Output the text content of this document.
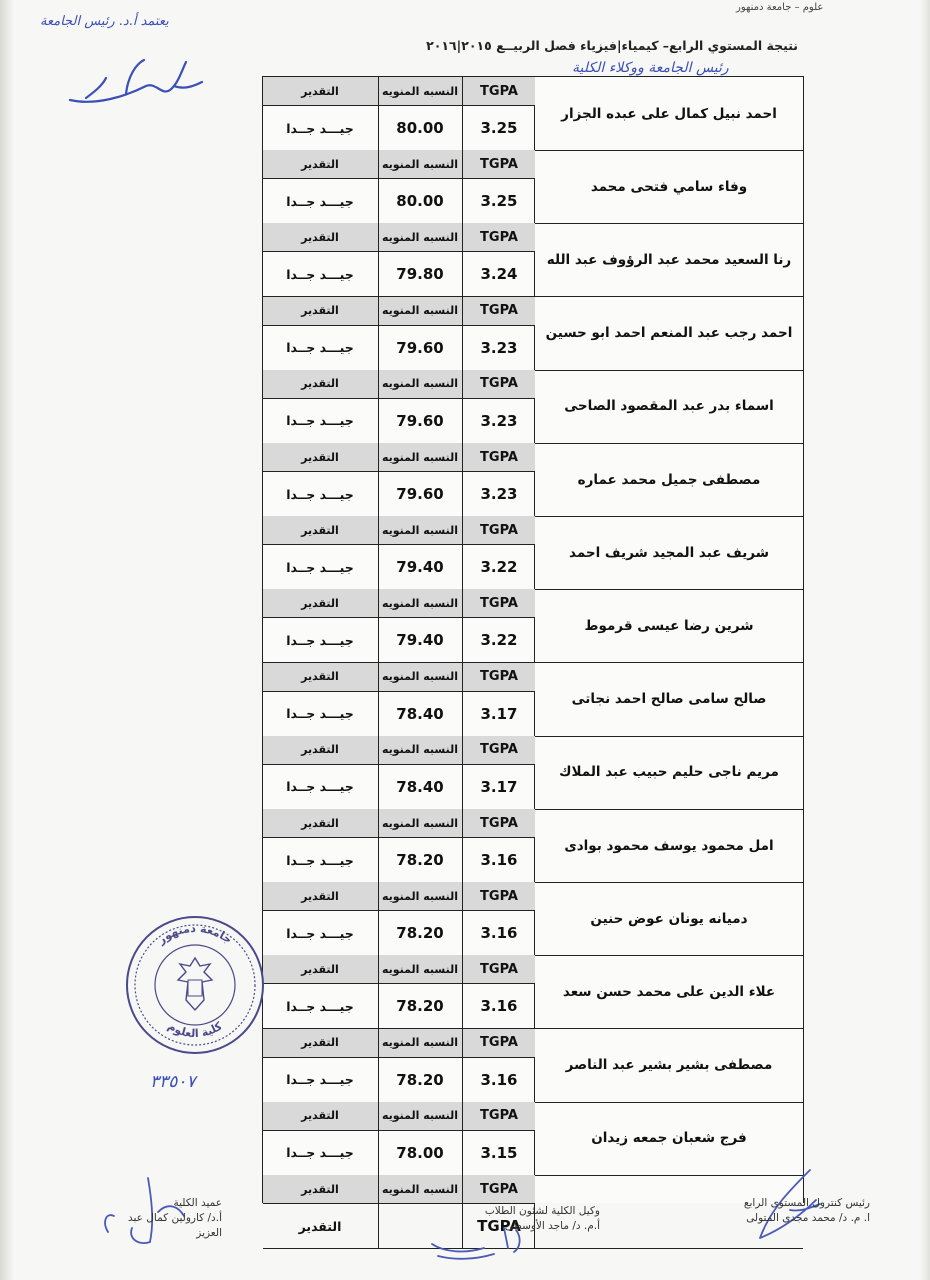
علوم – جامعة دمنهور
يعتمد أ.د. رئيس الجامعة
نتيجة المستوي الرابع– كيمياء|فيزياء فصل الربيــع ٢٠١٥|٢٠١٦
رئيس الجامعة ووكلاء الكلية
احمد نبيل كمال على عبده الجزار
TGPA
النسبه المنويه
التقدير
3.25
80.00
جيـــد جــدا
وفاء سامي فتحى محمد
TGPA
النسبه المنويه
التقدير
3.25
80.00
جيـــد جــدا
رنا السعيد محمد عبد الرؤوف عبد الله
TGPA
النسبه المنويه
التقدير
3.24
79.80
جيـــد جــدا
احمد رجب عبد المنعم احمد ابو حسين
TGPA
النسبه المنويه
التقدير
3.23
79.60
جيـــد جــدا
اسماء بدر عبد المقصود الصاحى
TGPA
النسبه المنويه
التقدير
3.23
79.60
جيـــد جــدا
مصطفى جميل محمد عماره
TGPA
النسبه المنويه
التقدير
3.23
79.60
جيـــد جــدا
شريف عبد المجيد شريف احمد
TGPA
النسبه المنويه
التقدير
3.22
79.40
جيـــد جــدا
شرين رضا عيسى قرموط
TGPA
النسبه المنويه
التقدير
3.22
79.40
جيـــد جــدا
صالح سامى صالح احمد نجاتى
TGPA
النسبه المنويه
التقدير
3.17
78.40
جيـــد جــدا
مريم ناجى حليم حبيب عبد الملاك
TGPA
النسبه المنويه
التقدير
3.17
78.40
جيـــد جــدا
امل محمود يوسف محمود بوادى
TGPA
النسبه المنويه
التقدير
3.16
78.20
جيـــد جــدا
دميانه يونان عوض حنين
TGPA
النسبه المنويه
التقدير
3.16
78.20
جيـــد جــدا
علاء الدين على محمد حسن سعد
TGPA
النسبه المنويه
التقدير
3.16
78.20
جيـــد جــدا
مصطفى بشير بشير عبد الناصر
TGPA
النسبه المنويه
التقدير
3.16
78.20
جيـــد جــدا
فرج شعبان جمعه زيدان
TGPA
النسبه المنويه
التقدير
3.15
78.00
جيـــد جــدا
TGPA
النسبه المنويه
التقدير
TGPA
التقدير
جامعة دمنهور
كلية العلوم
٣٣٥٠٧
عميد الكلية
أ.د/ كارولين كمال عبد العزيز
وكيل الكلية لشئون الطلاب
أ.م. د/ ماجد الأوسطى
رئيس كنترول المستوى الرابع
ا. م. د/ محمد مجدى المتولى
